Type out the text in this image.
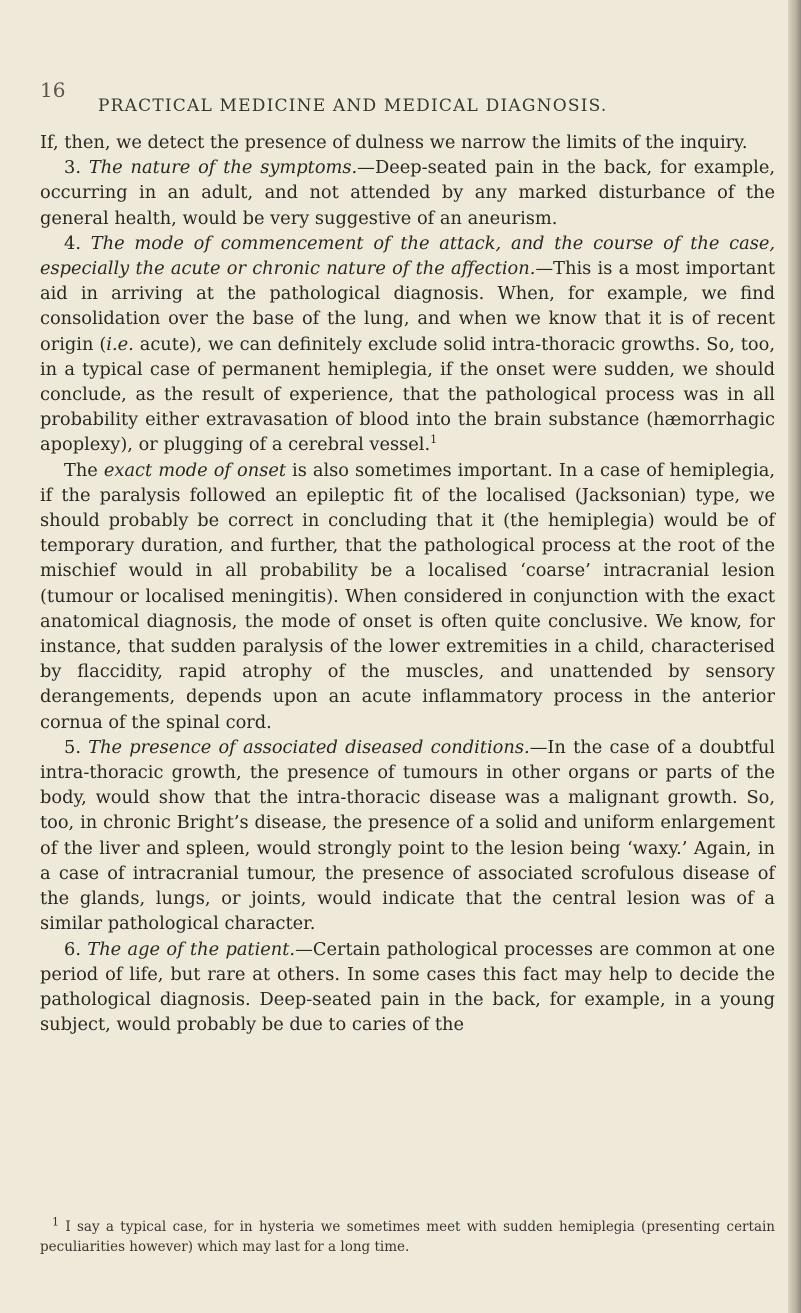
16
PRACTICAL MEDICINE AND MEDICAL DIAGNOSIS.

If, then, we detect the presence of dulness we narrow the limits of the inquiry.

3. The nature of the symptoms.—Deep-seated pain in the back, for example, occurring in an adult, and not attended by any marked disturbance of the general health, would be very suggestive of an aneurism.

4. The mode of commencement of the attack, and the course of the case, especially the acute or chronic nature of the affection.—This is a most important aid in arriving at the pathological diagnosis. When, for example, we find consolidation over the base of the lung, and when we know that it is of recent origin (i.e. acute), we can definitely exclude solid intra-thoracic growths. So, too, in a typical case of permanent hemiplegia, if the onset were sudden, we should conclude, as the result of experience, that the pathological process was in all probability either extravasation of blood into the brain substance (hæmorrhagic apoplexy), or plugging of a cerebral vessel.$^1$

The exact mode of onset is also sometimes important. In a case of hemiplegia, if the paralysis followed an epileptic fit of the localised (Jacksonian) type, we should probably be correct in concluding that it (the hemiplegia) would be of temporary duration, and further, that the pathological process at the root of the mischief would in all probability be a localised ‘coarse’ intracranial lesion (tumour or localised meningitis). When considered in conjunction with the exact anatomical diagnosis, the mode of onset is often quite conclusive. We know, for instance, that sudden paralysis of the lower extremities in a child, characterised by flaccidity, rapid atrophy of the muscles, and unattended by sensory derangements, depends upon an acute inflammatory process in the anterior cornua of the spinal cord.

5. The presence of associated diseased conditions.—In the case of a doubtful intra-thoracic growth, the presence of tumours in other organs or parts of the body, would show that the intra-thoracic disease was a malignant growth. So, too, in chronic Bright’s disease, the presence of a solid and uniform enlargement of the liver and spleen, would strongly point to the lesion being ‘waxy.’ Again, in a case of intracranial tumour, the presence of associated scrofulous disease of the glands, lungs, or joints, would indicate that the central lesion was of a similar pathological character.

6. The age of the patient.—Certain pathological processes are common at one period of life, but rare at others. In some cases this fact may help to decide the pathological diagnosis. Deep-seated pain in the back, for example, in a young subject, would probably be due to caries of the

$^1$ I say a typical case, for in hysteria we sometimes meet with sudden hemiplegia (presenting certain peculiarities however) which may last for a long time.
